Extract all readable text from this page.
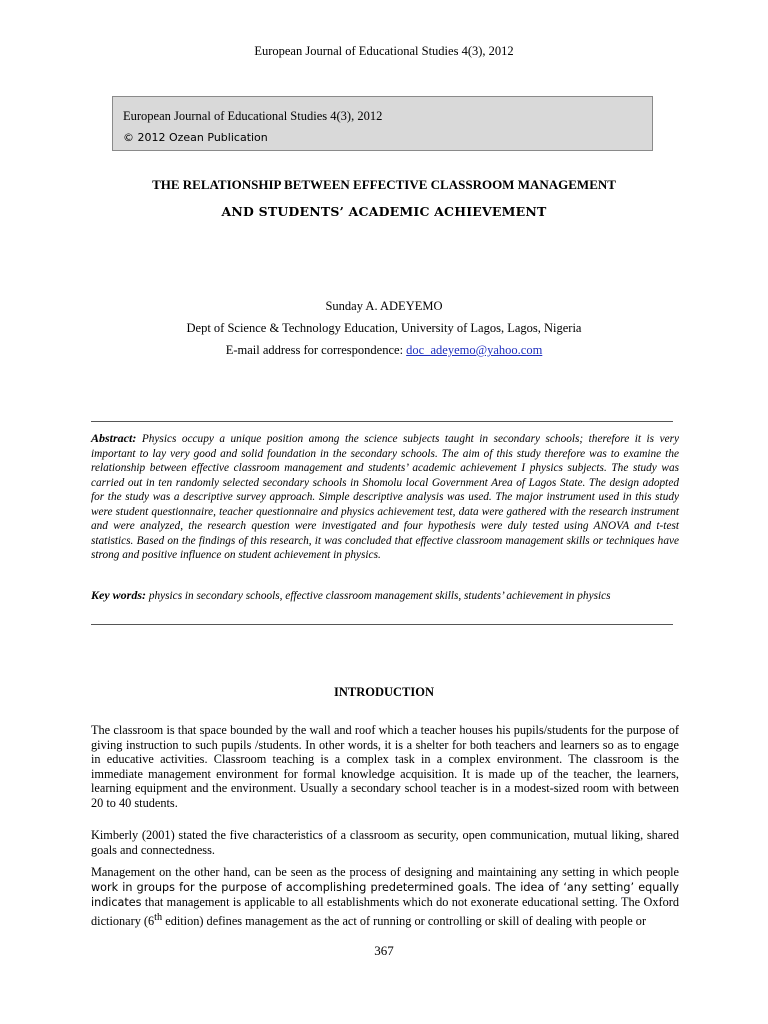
European Journal of Educational Studies 4(3), 2012
European Journal of Educational Studies 4(3), 2012
© 2012 Ozean Publication
THE RELATIONSHIP BETWEEN EFFECTIVE CLASSROOM MANAGEMENT
AND STUDENTS’ ACADEMIC ACHIEVEMENT
Sunday A. ADEYEMO
Dept of Science & Technology Education, University of Lagos, Lagos, Nigeria
E-mail address for correspondence: doc_adeyemo@yahoo.com
Abstract: Physics occupy a unique position among the science subjects taught in secondary schools; therefore it is very important to lay very good and solid foundation in the secondary schools. The aim of this study therefore was to examine the relationship between effective classroom management and students’ academic achievement I physics subjects. The study was carried out in ten randomly selected secondary schools in Shomolu local Government Area of Lagos State. The design adopted for the study was a descriptive survey approach. Simple descriptive analysis was used. The major instrument used in this study were student questionnaire, teacher questionnaire and physics achievement test, data were gathered with the research instrument and were analyzed, the research question were investigated and four hypothesis were duly tested using ANOVA and t-test statistics. Based on the findings of this research, it was concluded that effective classroom management skills or techniques have strong and positive influence on student achievement in physics.
Key words: physics in secondary schools, effective classroom management skills, students’ achievement in physics
INTRODUCTION
The classroom is that space bounded by the wall and roof which a teacher houses his pupils/students for the purpose of giving instruction to such pupils /students. In other words, it is a shelter for both teachers and learners so as to engage in educative activities. Classroom teaching is a complex task in a complex environment. The classroom is the immediate management environment for formal knowledge acquisition. It is made up of the teacher, the learners, learning equipment and the environment. Usually a secondary school teacher is in a modest-sized room with between 20 to 40 students.
Kimberly (2001) stated the five characteristics of a classroom as security, open communication, mutual liking, shared goals and connectedness.
Management on the other hand, can be seen as the process of designing and maintaining any setting in which people work in groups for the purpose of accomplishing predetermined goals. The idea of ‘any setting’ equally indicates that management is applicable to all establishments which do not exonerate educational setting. The Oxford dictionary (6th edition) defines management as the act of running or controlling or skill of dealing with people or
367
